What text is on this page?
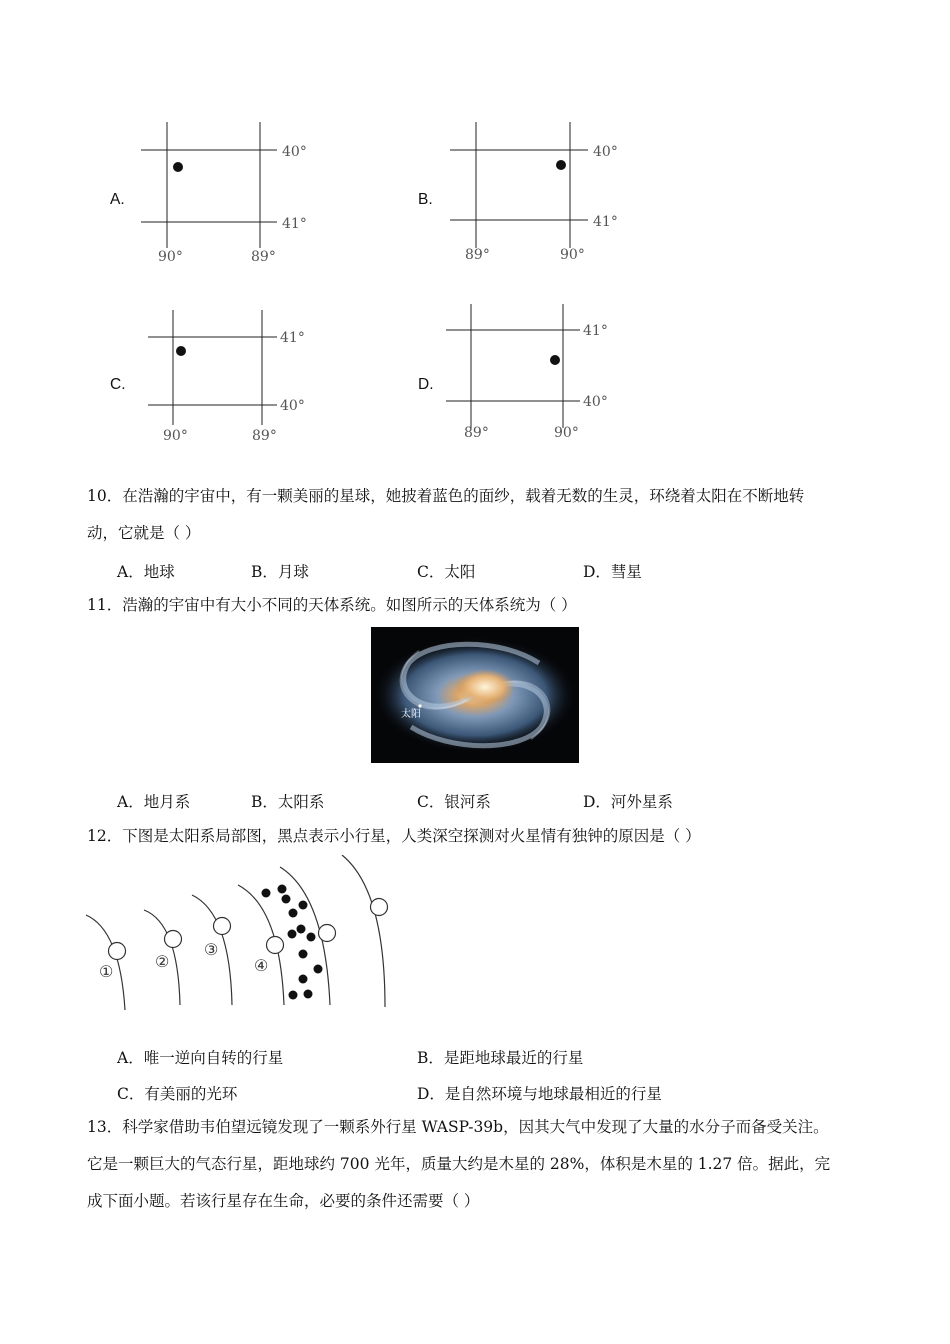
A.
40°
41°
90°	89°
B.
40°
41°
89°	90°
C.
41°
40°
90°	89°
D.
41°
40°
89°	90°
10．在浩瀚的宇宙中，有一颗美丽的星球，她披着蓝色的面纱，载着无数的生灵，环绕着太阳在不断地转
动，它就是（ ）
A．地球	B．月球	C．太阳	D．彗星
11．浩瀚的宇宙中有大小不同的天体系统。如图所示的天体系统为（ ）
太阳
A．地月系	B．太阳系	C．银河系	D．河外星系
12．下图是太阳系局部图，黑点表示小行星，人类深空探测对火星情有独钟的原因是（ ）
①
②
③
④
A．唯一逆向自转的行星	B．是距地球最近的行星
C．有美丽的光环	D．是自然环境与地球最相近的行星
13．科学家借助韦伯望远镜发现了一颗系外行星 WASP-39b，因其大气中发现了大量的水分子而备受关注。
它是一颗巨大的气态行星，距地球约 700 光年，质量大约是木星的 28%，体积是木星的 1.27 倍。据此，完
成下面小题。若该行星存在生命，必要的条件还需要（ ）
